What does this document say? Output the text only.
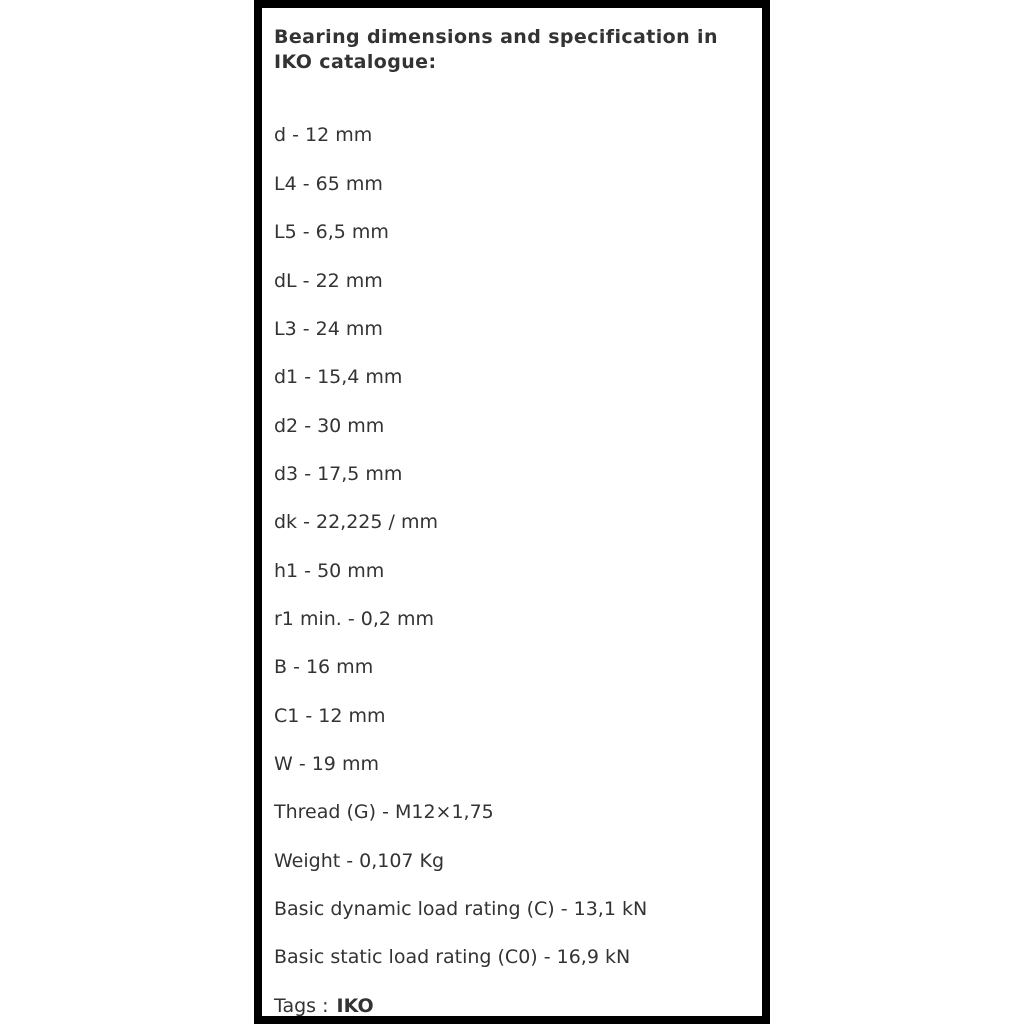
Bearing dimensions and specification in IKO catalogue:
d - 12 mm
L4 - 65 mm
L5 - 6,5 mm
dL - 22 mm
L3 - 24 mm
d1 - 15,4 mm
d2 - 30 mm
d3 - 17,5 mm
dk - 22,225 / mm
h1 - 50 mm
r1 min. - 0,2 mm
B - 16 mm
C1 - 12 mm
W - 19 mm
Thread (G) - M12×1,75
Weight - 0,107 Kg
Basic dynamic load rating (C) - 13,1 kN
Basic static load rating (C0) - 16,9 kN
Tags : IKO
